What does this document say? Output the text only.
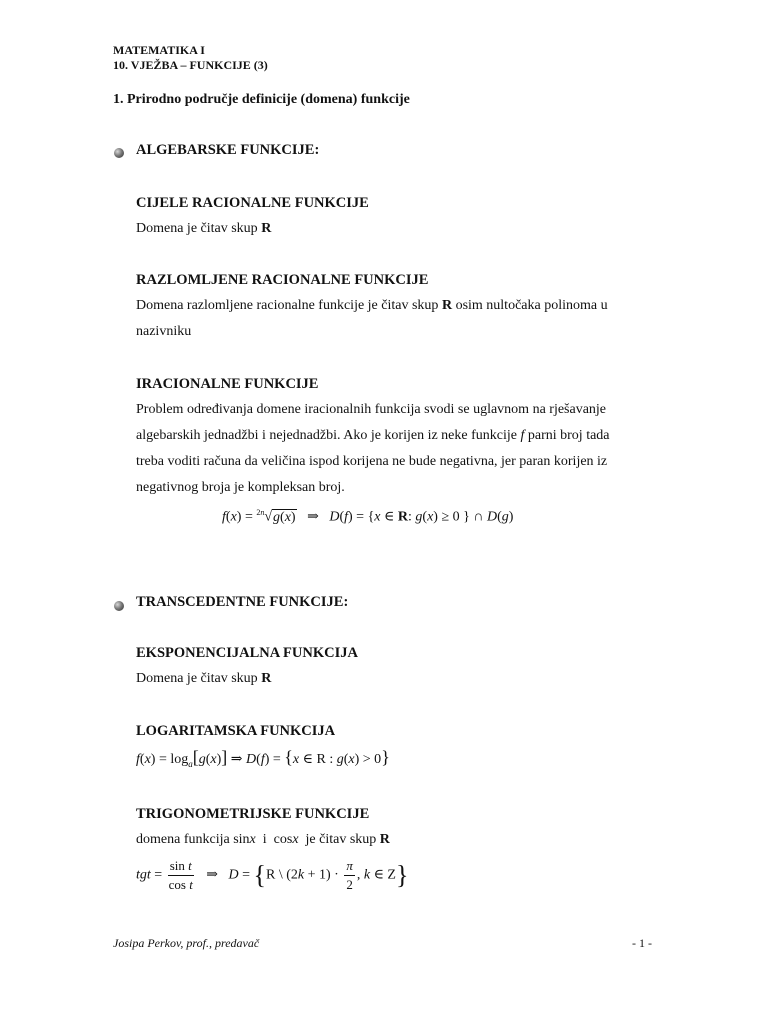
MATEMATIKA I
10. VJEŽBA – FUNKCIJE (3)
1. Prirodno područje definicije (domena) funkcije
ALGEBARSKE FUNKCIJE:
CIJELE RACIONALNE FUNKCIJE
Domena je čitav skup R
RAZLOMLJENE RACIONALNE FUNKCIJE
Domena razlomljene racionalne funkcije je čitav skup R osim nultočaka polinoma u
nazivniku
IRACIONALNE FUNKCIJE
Problem određivanja domene iracionalnih funkcija svodi se uglavnom na rješavanje
algebarskih jednadžbi i nejednadžbi. Ako je korijen iz neke funkcije f parni broj tada
treba voditi računa da veličina ispod korijena ne bude negativna, jer paran korijen iz
negativnog broja je kompleksan broj.
f(x) = $^{2n}$√g(x)   ⇒   D(f) = {x ∈ R: g(x) ≥ 0 } ∩ D(g)
TRANSCEDENTNE FUNKCIJE:
EKSPONENCIJALNA FUNKCIJA
Domena je čitav skup R
LOGARITAMSKA FUNKCIJA
$f(x) = \log_a[g(x)]$ ⇒ D(f) = {x ∈ R : g(x) > 0}
TRIGONOMETRIJSKE FUNKCIJE
domena funkcija sinx i  cosx je čitav skup R
tgt = $\frac{\text{sin t}}{\text{cos t}}$ ⇒   D = {R \ $(2k + 1) \cdot \frac{\pi}{2}$ , k ∈ Z}
Josipa Perkov, prof., predavač	- 1 -
